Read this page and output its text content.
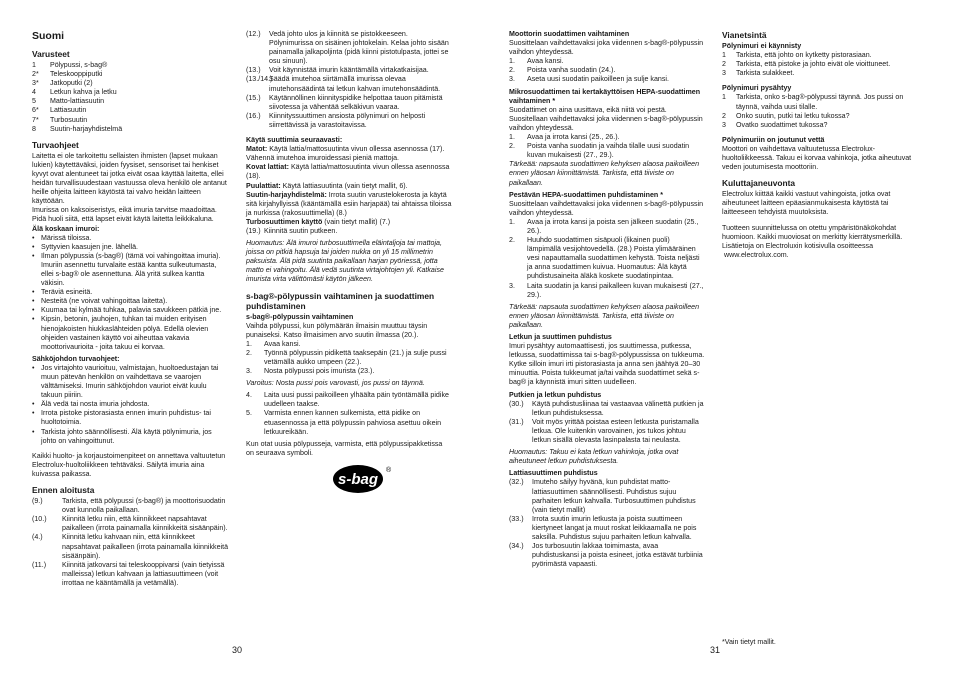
Suomi
Varusteet
1	Pölypussi, s-bag®
2*	Teleskooppiputki
3*	Jatkoputki (2)
4	Letkun kahva ja letku
5	Matto-lattiasuutin
6*	Lattiasuutin
7*	Turbosuutin
8	Suutin-harjayhdistelmä
Turvaohjeet

Laitetta ei ole tarkoitettu sellaisten ihmisten (lapset mukaan lukien) käytettäväksi, joiden fyysiset, sensoriset tai henkiset kyvyt ovat alentuneet tai jotka eivät osaa käyttää laitetta, ellei heidän turvallisuudestaan vastuussa oleva henkilö ole antanut heille ohjeita laitteen käytöstä tai valvo heidän laitteen käyttöään.

Imurissa on kaksoiseristys, eikä imuria tarvitse maadoittaa. Pidä huoli siitä, että lapset eivät käytä laitetta leikkikaluna.

Älä koskaan imuroi:
• Märissä tiloissa.
• Syttyvien kaasujen jne. lähellä.
• Ilman pölypussia (s-bag®) (tämä voi vahingoittaa imuria). Imuriin asennettu turvalaite estää kantta sulkeutumasta, ellei s-bag® ole asennettuna. Älä yritä sulkea kantta väkisin.
• Teräviä esineitä.
• Nesteitä (ne voivat vahingoittaa laitetta).
• Kuumaa tai kylmää tuhkaa, palavia savukkeen pätkiä jne.
• Kipsin, betonin, jauhojen, tuhkan tai muiden erityisen hienojakoisten hiukkaslähteiden pölyä. Edellä olevien ohjeiden vastainen käyttö voi aiheuttaa vakavia moottorivaurioita - joita takuu ei korvaa.
Sähköjohdon turvaohjeet:
• Jos virtajohto vaurioituu, valmistajan, huoltoedustajan tai muun pätevän henkilön on vaihdettava se vaarojen välttämiseksi. Imurin sähköjohdon vauriot eivät kuulu takuun piiriin.
• Älä vedä tai nosta imuria johdosta.
• Irrota pistoke pistorasiasta ennen imurin puhdistus- tai huoltotoimia.
• Tarkista johto säännöllisesti. Älä käytä pölynimuria, jos johto on vahingoittunut.

Kaikki huolto- ja korjaustoimenpiteet on annettava valtuutetun Electrolux-huoltoliikkeen tehtäväksi. Säilytä imuria aina kuivassa paikassa.

Ennen aloitusta
(9.)	Tarkista, että pölypussi (s-bag®) ja moottorisuodatin ovat kunnolla paikallaan.
(10.)	Kiinnitä letku niin, että kiinnikkeet napsahtavat paikalleen (irrota painamalla kiinnikkeitä sisäänpäin).
(4.)	Kiinnitä letku kahvaan niin, että kiinnikkeet napsahtavat paikalleen (irrota painamalla kiinnikkeitä sisäänpäin).
(11.)	Kiinnitä jatkovarsi tai teleskooppivarsi (vain tietyissä malleissa) letkun kahvaan ja lattiasuuttimeen (voit irrottaa ne kääntämällä ja vetämällä).
(12.)	Vedä johto ulos ja kiinnitä se pistokkeeseen. Pölynimurissa on sisäinen johtokelain. Kelaa johto sisään painamalla jalkapoljinta (pidä kiinni pistotulpasta, jottei se osu sinuun).
(13.)	Voit käynnistää imurin kääntämällä virtakatkaisijaa.
(13./14.)
Säädä imutehoa siirtämällä imurissa olevaa imutehonsäädintä tai letkun kahvan imutehonsäädintä.
(15.)	Käytännöllinen kiinnityspidike helpottaa tauon pitämistä siivotessa ja vähentää selkäkivun vaaraa.
(16.)	Kiinnityssuuttimen ansiosta pölynimuri on helposti siirrettävissä ja varastoitavissa.
Käytä suuttimia seuraavasti:

Matot: Käytä lattia/mattosuutinta vivun ollessa asennossa (17). Vähennä imutehoa imuroidessasi pieniä mattoja.

Kovat lattiat: Käytä lattia/mattosuutinta vivun ollessa asennossa (18).

Puulattiat: Käytä lattiasuutinta (vain tietyt mallit, 6).

Suutin-harjayhdistelmä: Irrota suutin varustelokerosta ja käytä sitä kirjahyllyissä (kääntämällä esiin harjapää) tai ahtaissa tiloissa ja nurkissa (rakosuuttimella) (8.)

Turbosuuttimen käyttö (vain tietyt mallit) (7.)

(19.) Kiinnitä suutin putkeen.

Huomautus: Älä imuroi turbosuuttimella eläintaljoja tai mattoja, joissa on pitkiä hapsuja tai joiden nukka on yli 15 millimetrin paksuista. Älä pidä suutinta paikallaan harjan pyöriessä, jotta matto ei vahingoitu. Älä vedä suutinta virtajohtojen yli. Katkaise imurista virta välittömästi käytön jälkeen.

s-bag®-pölypussin vaihtaminen ja suodattimen puhdistaminen
s-bag®-pölypussin vaihtaminen

Vaihda pölypussi, kun pölymäärän ilmaisin muuttuu täysin punaiseksi. Katso ilmaisimen arvo suutin ilmassa (20.).

1.	Avaa kansi.
2.	Työnnä pölypussin pidikettä taaksepäin (21.) ja sulje pussi vetämällä aukko umpeen (22.).
3.	Nosta pölypussi pois imurista (23.).

Varoitus: Nosta pussi pois varovasti, jos pussi on täynnä.

4.	Laita uusi pussi paikoilleen ylhäälta päin työntämällä pidike uudelleen taakse.
5.	Varmista ennen kannen sulkemista, että pidike on etuasennossa ja että pölypussin pahviosa asettuu oikein letkuureikään.

Kun otat uusia pölypusseja, varmista, että pölypussipakketissa on seuraava symboli.

s-bag
®
Moottorin suodattimen vaihtaminen

Suosittelaan vaihdettavaksi joka viidennen s-bag®-pölypussin vaihdon yhteydessä.

1.	Avaa kansi.
2.	Poista vanha suodatin (24.).
3.	Aseta uusi suodatin paikoilleen ja sulje kansi.
Mikrosuodattimen tai kertakäyttöisen HEPA-suodattimen vaihtaminen *

Suodattimet on aina uusittava, eikä niitä voi pestä. Suositellaan vaihdettavaksi joka viidennen s-bag®-pölypussin vaihdon yhteydessä.

1.	Avaa ja irrota kansi (25., 26.).
2.	Poista vanha suodatin ja vaihda tilalle uusi suodatin kuvan mukaisesti (27., 29.).

Tärkeää: napsauta suodattimen kehyksen alaosa paikoilleen ennen yläosan kiinnittämistä. Tarkista, että tiiviste on paikallaan.

Pestävän HEPA-suodattimen puhdistaminen *

Suosittelaan vaihdettavaksi joka viidennen s-bag®-pölypussin vaihdon yhteydessä.

1.	Avaa ja irrota kansi ja poista sen jälkeen suodatin (25., 26.).
2.	Huuhdo suodattimen sisäpuoli (likainen puoli) lämpimällä vesijohtovedellä. (28.) Poista ylimääräinen vesi napauttamalla suodattimen kehystä. Toista neljästi ja anna suodattimen kuivua. Huomautus: Älä käytä puhdistusaineita äläkä koskete suodatinpintaa.
3.	Laita suodatin ja kansi paikalleen kuvan mukaisesti (27., 29.).

Tärkeää: napsauta suodattimen kehyksen alaosa paikoilleen ennen yläosan kiinnittämistä. Tarkista, että tiiviste on paikallaan.

Letkun ja suuttimen puhdistus

Imuri pysähtyy automaattisesti, jos suuttimessa, putkessa, letkussa, suodattimissa tai s-bag®-pölypussissa on tukkeuma. Kytke silloin imuri irti pistorasiasta ja anna sen jäähtyä 20–30 minuuttia. Poista tukkeumat ja/tai vaihda suodattimet sekä s-bag® ja käynnistä imuri sitten uudelleen.

Putkien ja letkun puhdistus
(30.)	Käytä puhdistusliinaa tai vastaavaa välinettä putkien ja letkun puhdistuksessa.
(31.)	Voit myös yrittää poistaa esteen letkusta puristamalla letkua. Ole kuitenkin varovainen, jos tukos johtuu letkun sisällä olevasta lasinpalasta tai neulasta.

Huomautus: Takuu ei kata letkun vahinkoja, jotka ovat aiheutuneet letkun puhdistuksesta.

Lattiasuuttimen puhdistus
(32.)	Imuteho säilyy hyvänä, kun puhdistat matto-lattiasuuttimen säännöllisesti. Puhdistus sujuu parhaiten letkun kahvalla. Turbosuuttimen puhdistus (vain tietyt mallit)
(33.)	Irrota suutin imurin letkusta ja poista suuttimeen kiertyneet langat ja muut roskat leikkaamalla ne pois saksilla. Puhdistus sujuu parhaiten letkun kahvalla.
(34.)	Jos turbosuutin lakkaa toimimasta, avaa puhdistuskansi ja poista esineet, jotka estävät turbiinia pyörimästä vapaasti.
Vianetsintä
Pölynimuri ei käynnisty
1	Tarkista, että johto on kytketty pistorasiaan.
2	Tarkista, että pistoke ja johto eivät ole vioittuneet.
3	Tarkista sulakkeet.
Pölynimuri pysähtyy
1	Tarkista, onko s-bag®-pölypussi täynnä. Jos pussi on täynnä, vaihda uusi tilalle.
2	Onko suutin, putki tai letku tukossa?
3	Ovatko suodattimet tukossa?
Pölynimuriin on joutunut vettä

Moottori on vaihdettava valtuutetussa Electrolux-huoltoliikkeessä. Takuu ei korvaa vahinkoja, jotka aiheutuvat veden joutumisesta moottoriin.

Kuluttajaneuvonta

Electrolux kiittää kaikki vastuut vahingoista, jotka ovat aiheutuneet laitteen epäasianmukaisesta käytöstä tai laitteeseen tehdyistä muutoksista.

Tuotteen suunnittelussa on otettu ympäristönäkökohdat huomioon. Kaikki muoviosat on merkitty kierrätysmerkillä. Lisätietoja on Electroluxin kotisivulla osoitteessa

www.electrolux.com.

*Vain tietyt mallit.
30	31
